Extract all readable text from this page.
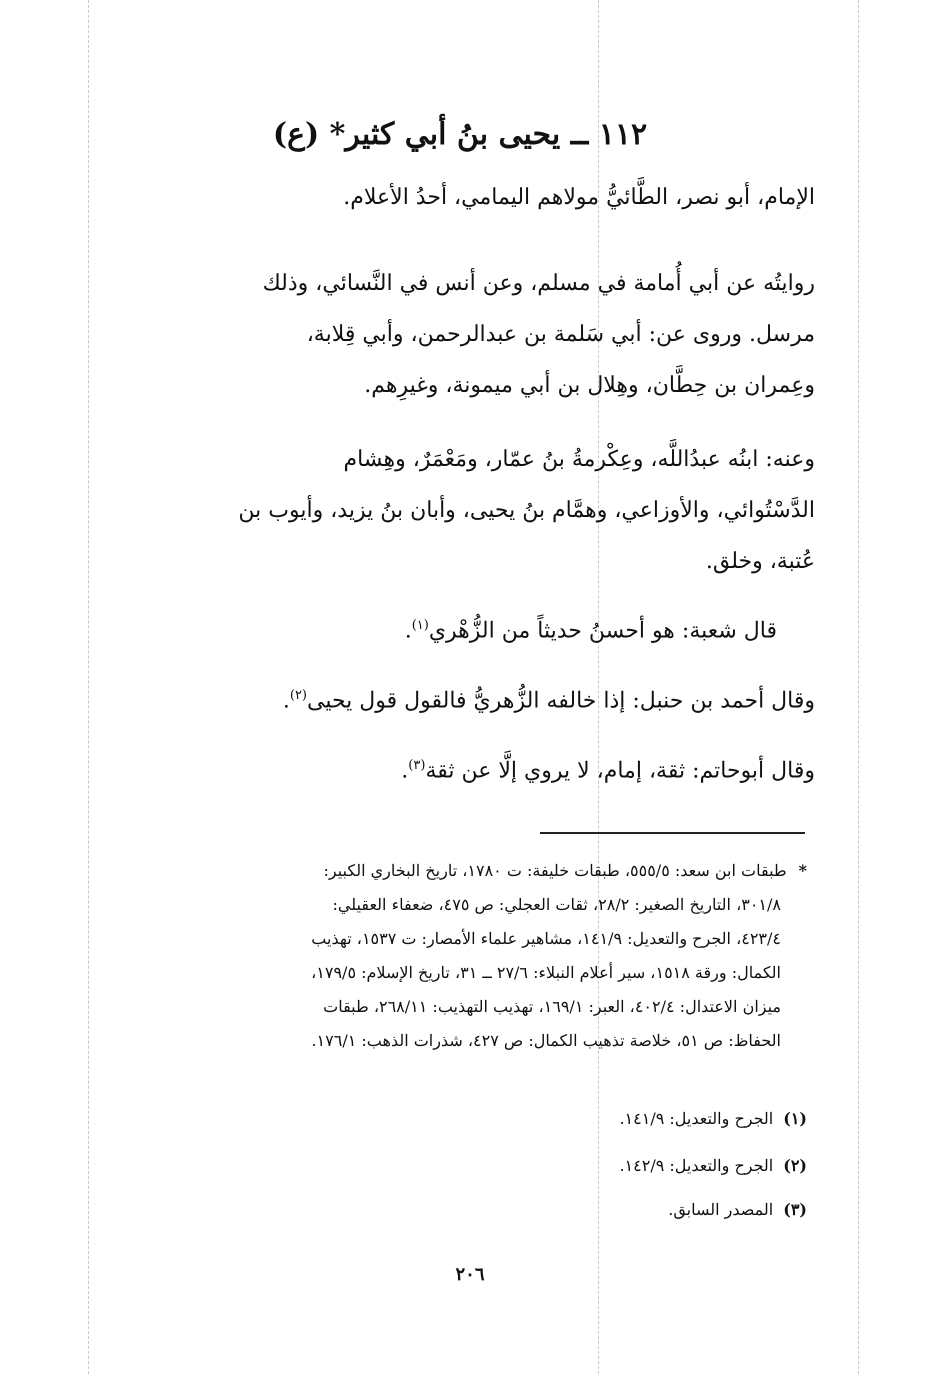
١١٢ ــ يحيى بنُ أبي كثير* (ع)
الإمام، أبو نصر، الطَّائيُّ مولاهم اليمامي، أحدُ الأعلام.
روايتُه عن أبي أُمامة في مسلم، وعن أنس في النَّسائي، وذلك
مرسل. وروى عن: أبي سَلمة بن عبدالرحمن، وأبي قِلابة،
وعِمران بن حِطَّان، وهِلال بن أبي ميمونة، وغيرِهم.
وعنه: ابنُه عبدُاللَّه، وعِكْرمةُ بنُ عمّار، ومَعْمَرٌ، وهِشام
الدَّسْتُوائي، والأوزاعي، وهمَّام بنُ يحيى، وأبان بنُ يزيد، وأيوب بن
عُتبة، وخلق.
قال شعبة: هو أحسنُ حديثاً من الزُّهْري$^{(١)}$.
وقال أحمد بن حنبل: إذا خالفه الزُّهريُّ فالقول قول يحيى$^{(٢)}$.
وقال أبوحاتم: ثقة، إمام، لا يروي إلَّا عن ثقة$^{(٣)}$.
*طبقات ابن سعد: ٥٥٥/٥، طبقات خليفة: ت ١٧٨٠، تاريخ البخاري الكبير:
٣٠١/٨، التاريخ الصغير: ٢٨/٢، ثقات العجلي: ص ٤٧٥، ضعفاء العقيلي:
٤٢٣/٤، الجرح والتعديل: ١٤١/٩، مشاهير علماء الأمصار: ت ١٥٣٧، تهذيب
الكمال: ورقة ١٥١٨، سير أعلام النبلاء: ٢٧/٦ ــ ٣١، تاريخ الإسلام: ١٧٩/٥،
ميزان الاعتدال: ٤٠٢/٤، العبر: ١٦٩/١، تهذيب التهذيب: ٢٦٨/١١، طبقات
الحفاظ: ص ٥١، خلاصة تذهيب الكمال: ص ٤٢٧، شذرات الذهب: ١٧٦/١.
(١)الجرح والتعديل: ١٤١/٩.
(٢)الجرح والتعديل: ١٤٢/٩.
(٣)المصدر السابق.
٢٠٦
